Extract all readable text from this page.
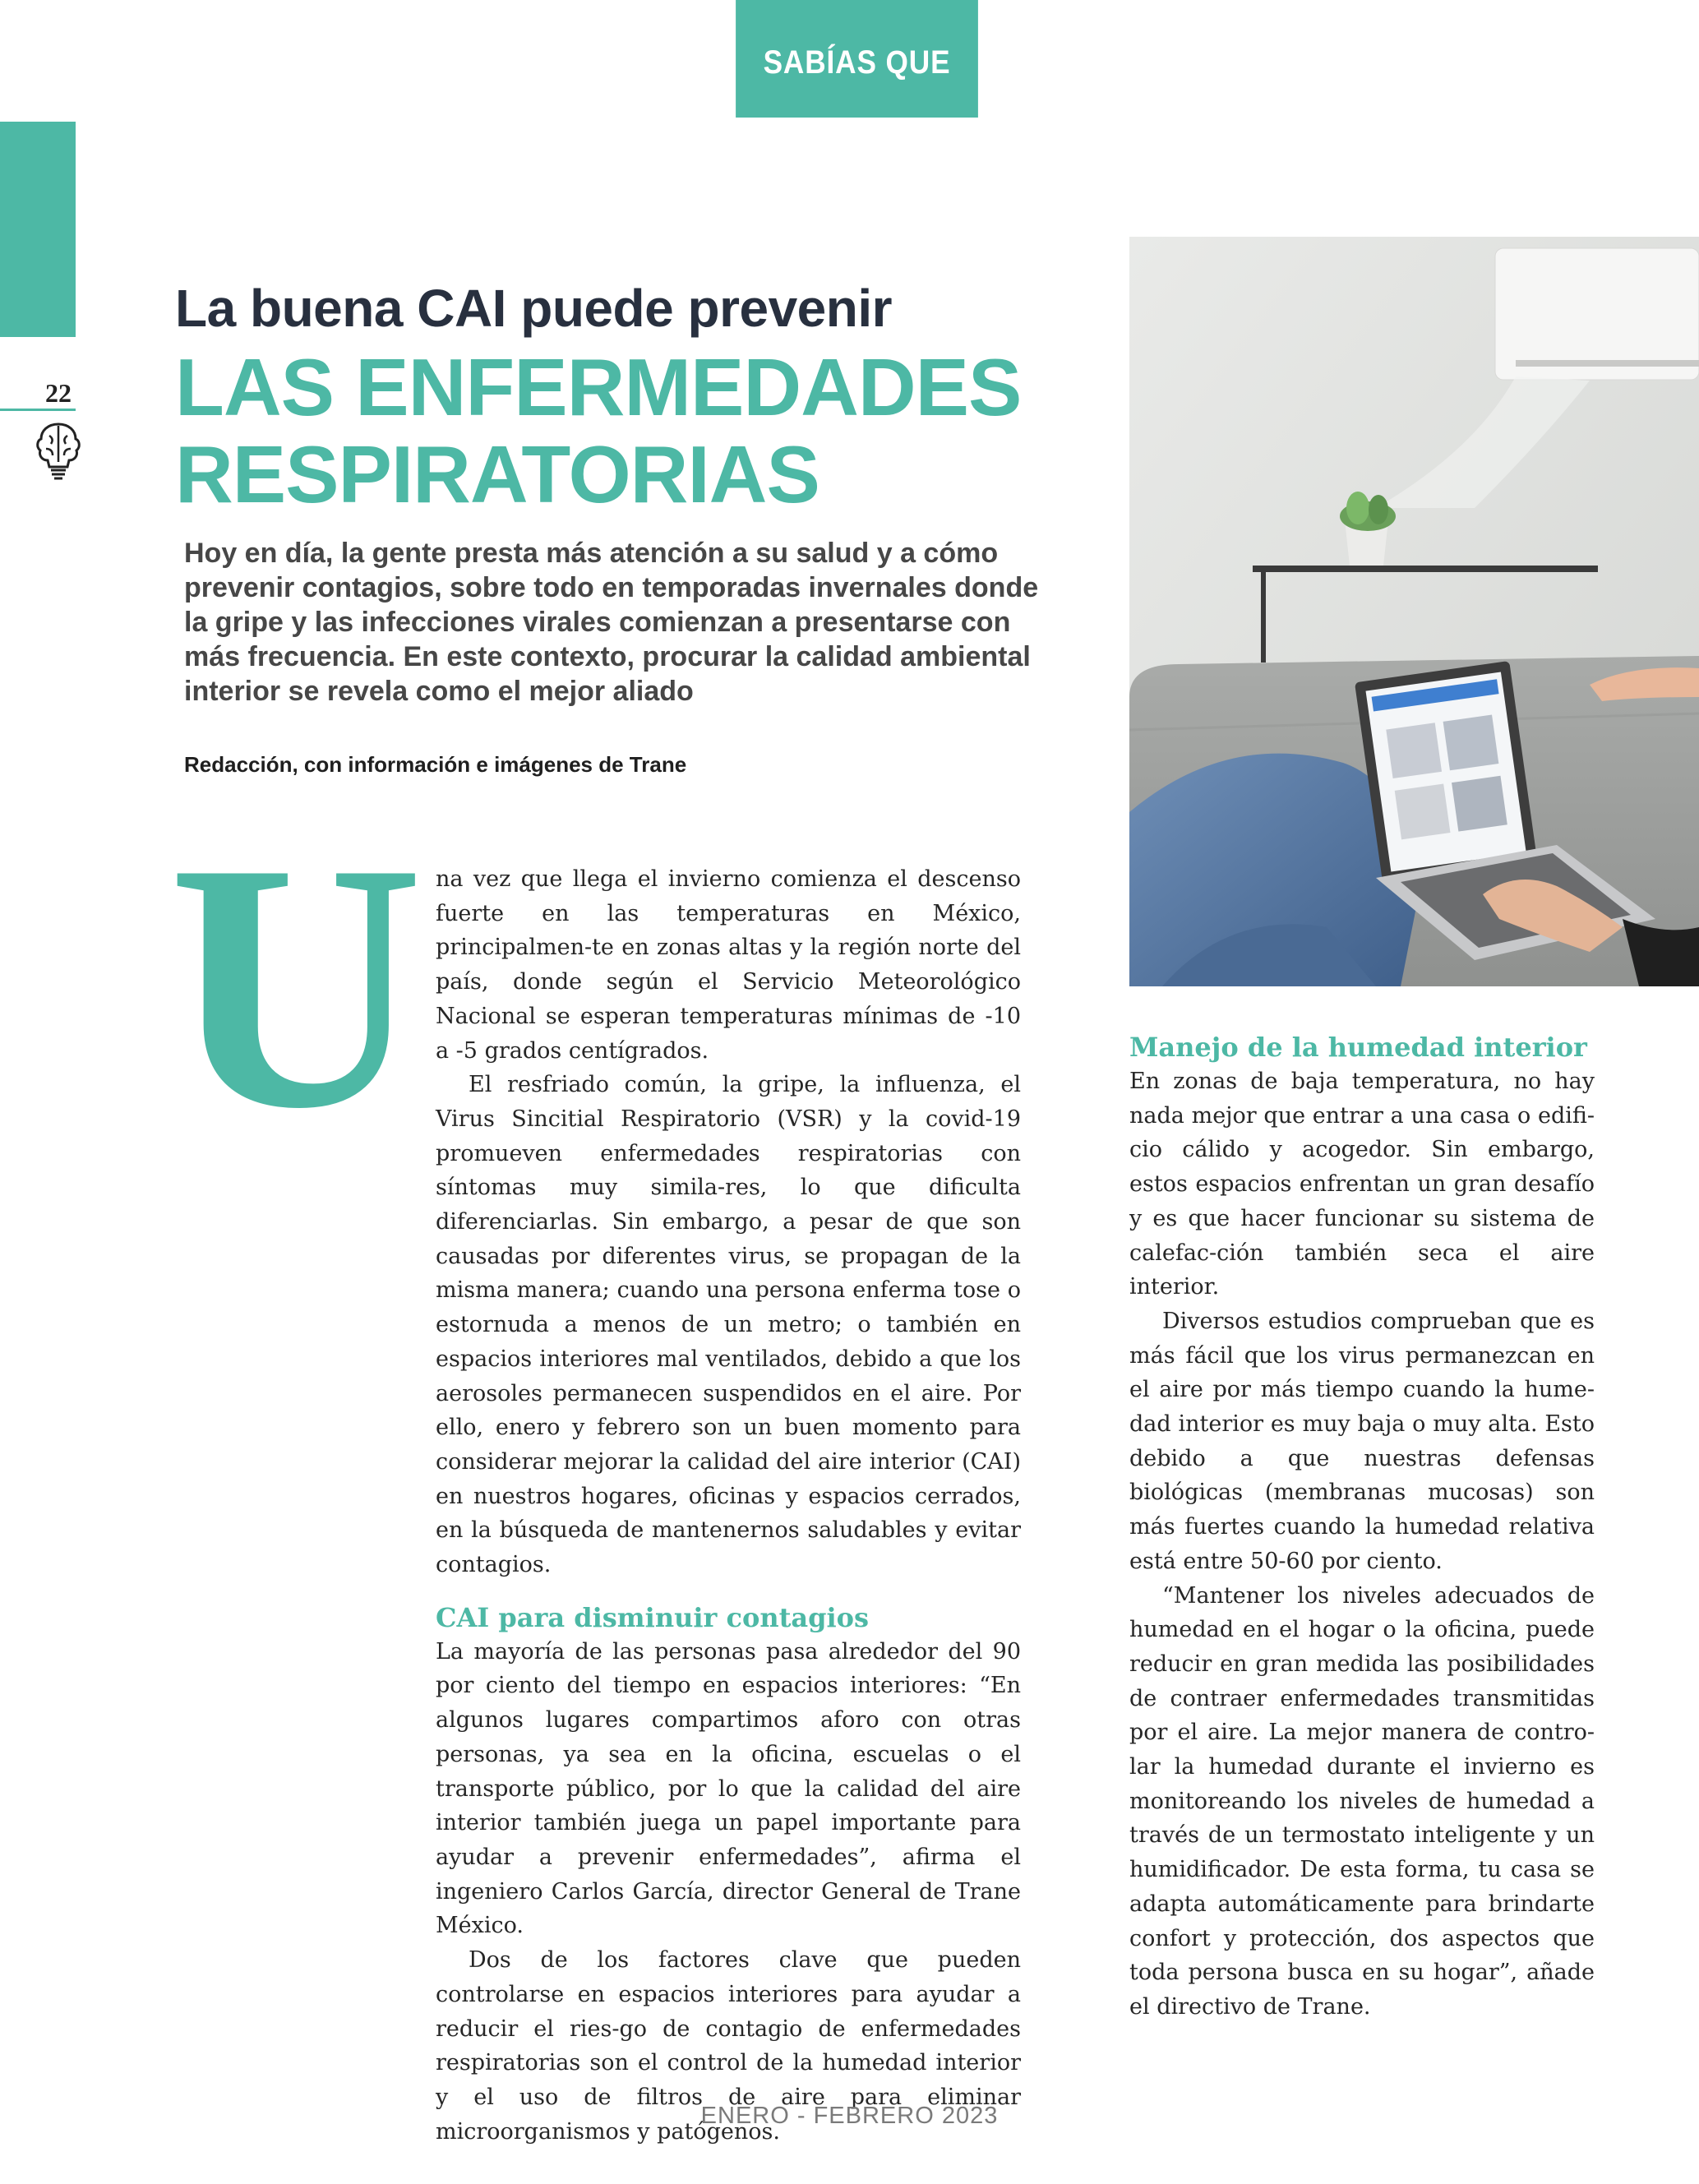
SABÍAS QUE
22
La buena CAI puede prevenir
LAS ENFERMEDADES
RESPIRATORIAS
Hoy en día, la gente presta más atención a su salud y a cómo prevenir contagios, sobre todo en temporadas invernales donde la gripe y las infecciones virales comienzan a presentarse con más frecuencia. En este contexto, procurar la calidad ambiental interior se revela como el mejor aliado
Redacción, con información e imágenes de Trane
U na vez que llega el invierno comienza el descenso fuerte en las temperaturas en México, principalmen-te en zonas altas y la región norte del país, donde según el Servicio Meteorológico Nacional se esperan temperaturas mínimas de -10 a -5 grados centígrados.

El resfriado común, la gripe, la influenza, el Virus Sincitial Respiratorio (VSR) y la covid-19 promueven enfermedades respiratorias con síntomas muy simila-res, lo que dificulta diferenciarlas. Sin embargo, a pesar de que son causadas por diferentes virus, se propagan de la misma manera; cuando una persona enferma tose o estornuda a menos de un metro; o también en espacios interiores mal ventilados, debido a que los aerosoles permanecen suspendidos en el aire. Por ello, enero y febrero son un buen momento para considerar mejorar la calidad del aire interior (CAI) en nuestros hogares, oficinas y espacios cerrados, en la búsqueda de mantenernos saludables y evitar contagios.

CAI para disminuir contagios

La mayoría de las personas pasa alrededor del 90 por ciento del tiempo en espacios interiores: “En algunos lugares compartimos aforo con otras personas, ya sea en la oficina, escuelas o el transporte público, por lo que la calidad del aire interior también juega un papel importante para ayudar a prevenir enfermedades”, afirma el ingeniero Carlos García, director General de Trane México.

Dos de los factores clave que pueden controlarse en espacios interiores para ayudar a reducir el ries-go de contagio de enfermedades respiratorias son el control de la humedad interior y el uso de filtros de aire para eliminar microorganismos y patógenos.

Manejo de la humedad interior

En zonas de baja temperatura, no hay nada mejor que entrar a una casa o edifi-cio cálido y acogedor. Sin embargo, estos espacios enfrentan un gran desafío y es que hacer funcionar su sistema de calefac-ción también seca el aire interior.

Diversos estudios comprueban que es más fácil que los virus permanezcan en el aire por más tiempo cuando la hume-dad interior es muy baja o muy alta. Esto debido a que nuestras defensas biológicas (membranas mucosas) son más fuertes cuando la humedad relativa está entre 50-60 por ciento.

“Mantener los niveles adecuados de humedad en el hogar o la oficina, puede reducir en gran medida las posibilidades de contraer enfermedades transmitidas por el aire. La mejor manera de contro-lar la humedad durante el invierno es monitoreando los niveles de humedad a través de un termostato inteligente y un humidificador. De esta forma, tu casa se adapta automáticamente para brindarte confort y protección, dos aspectos que toda persona busca en su hogar”, añade el directivo de Trane.

ENERO - FEBRERO 2023
